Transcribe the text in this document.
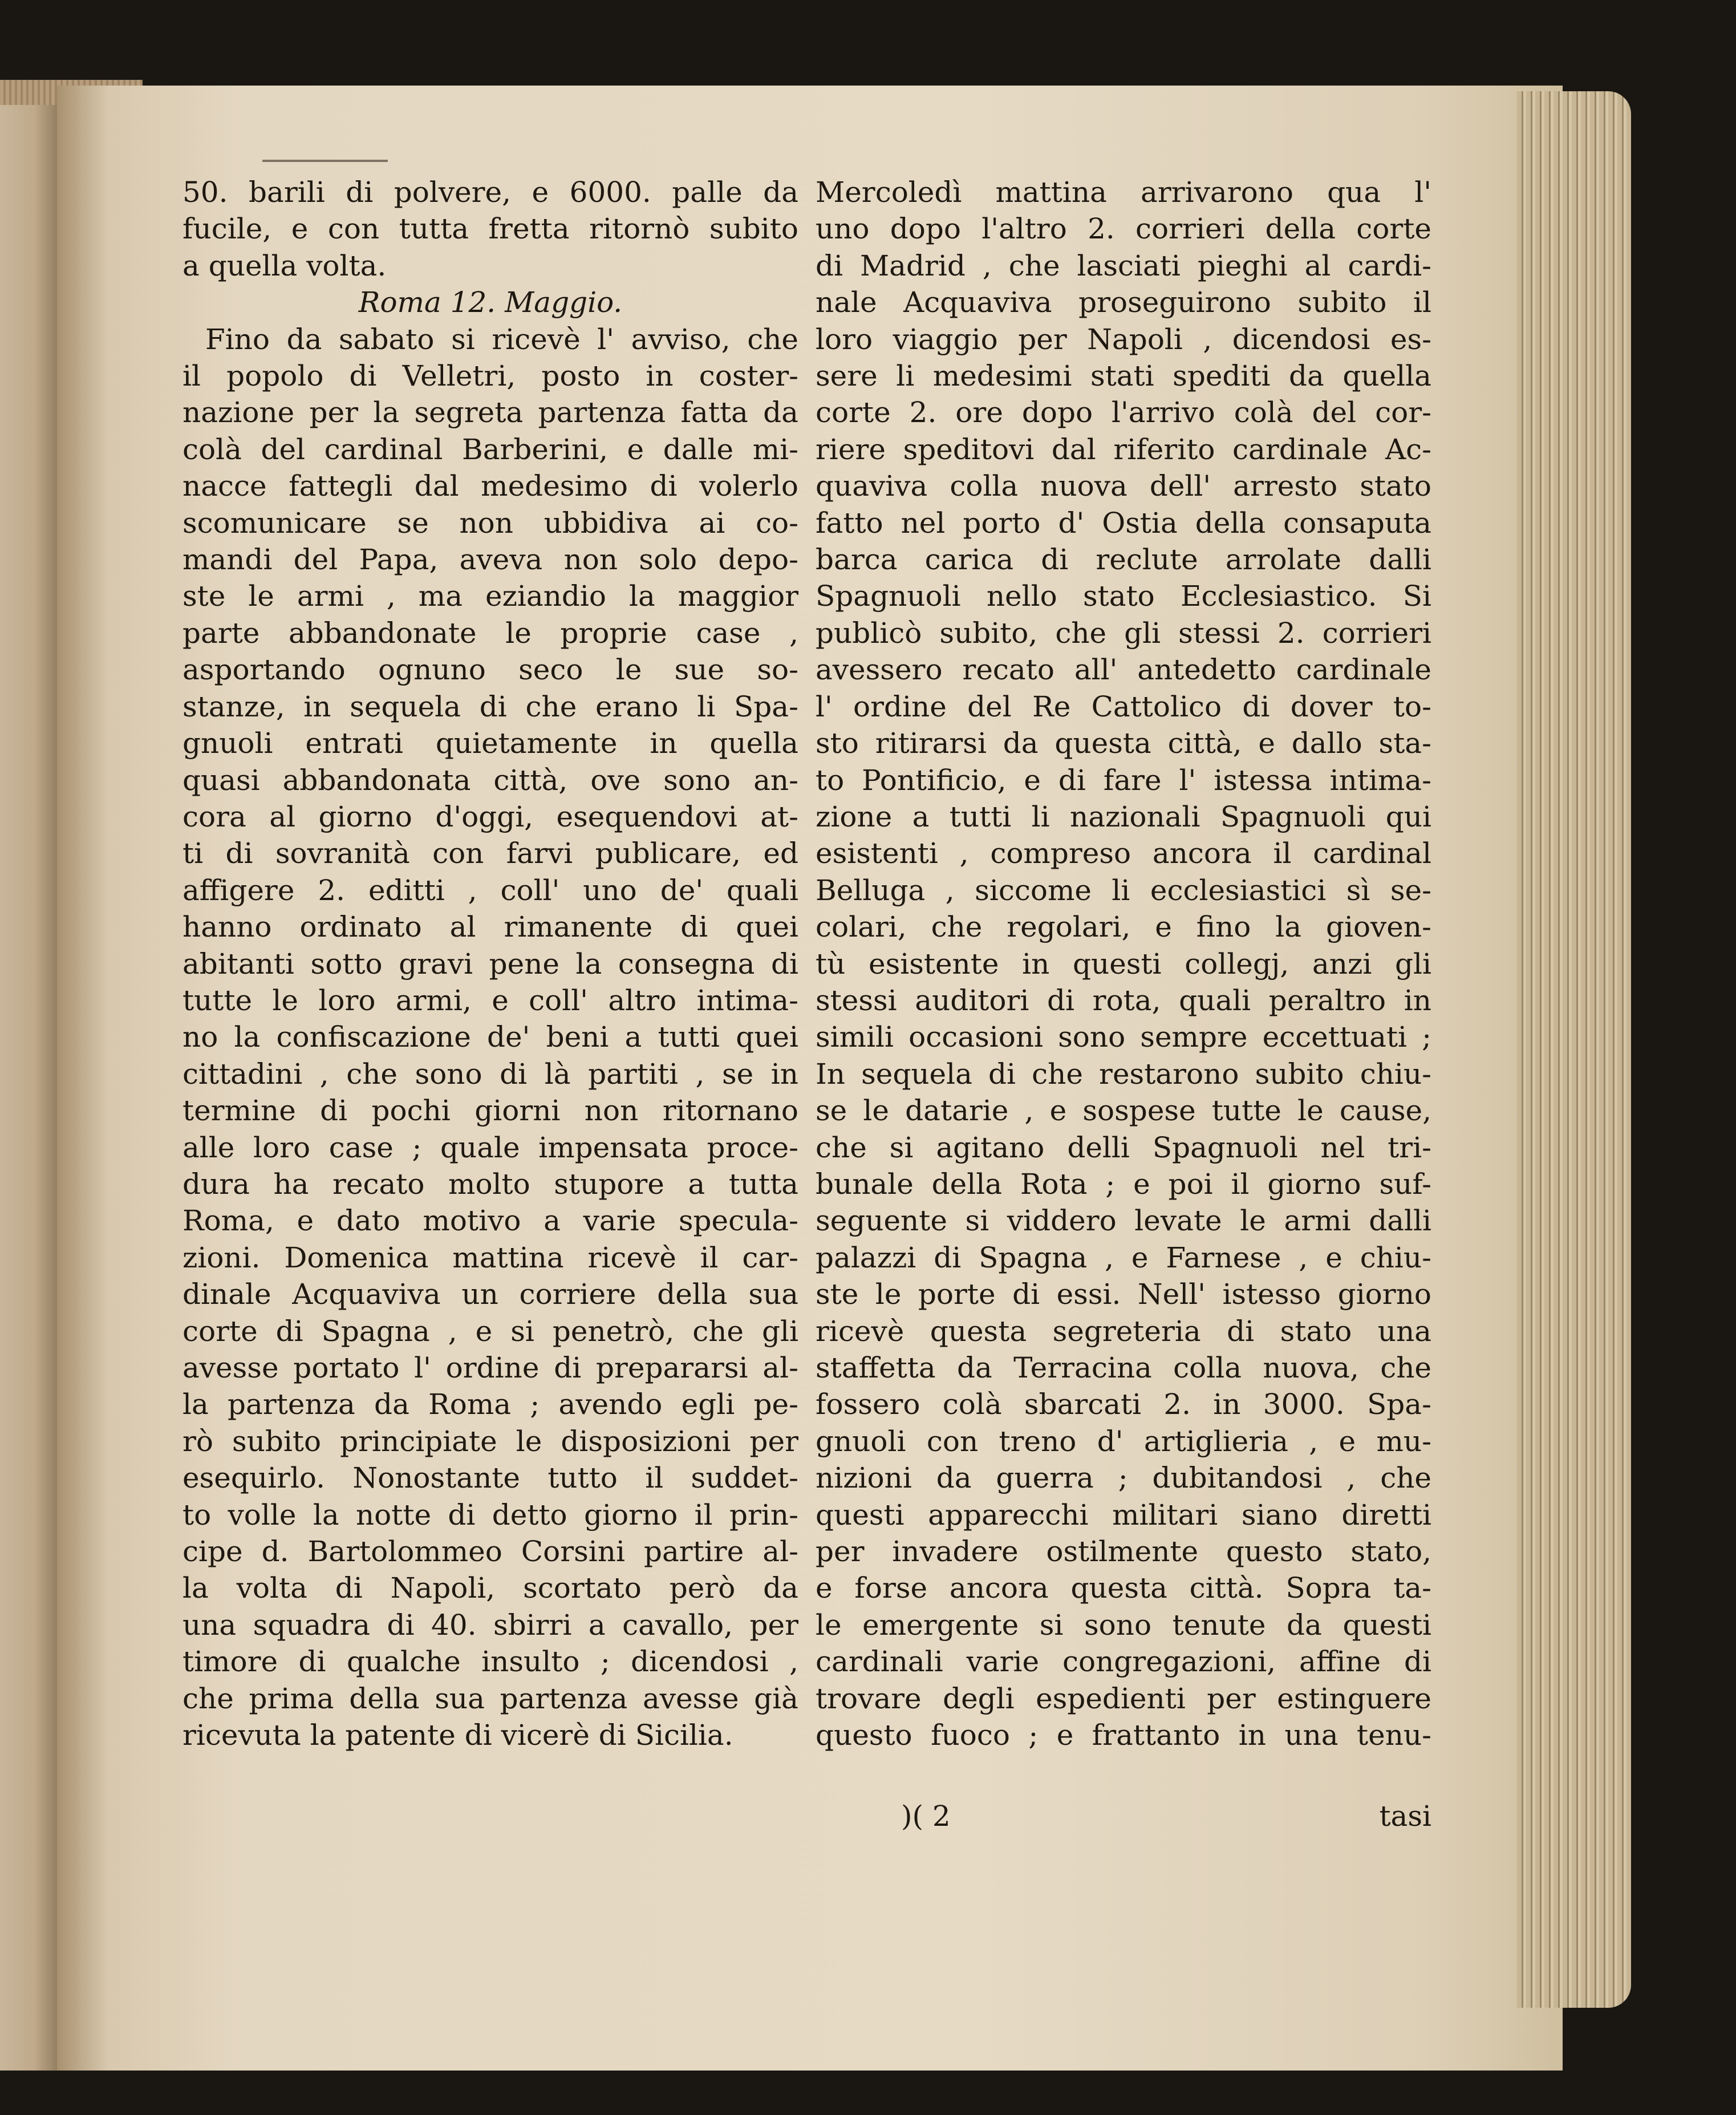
50. barili di polvere, e 6000. palle da
fucile, e con tutta fretta ritornò subito
a quella volta.
Roma 12. Maggio.
Fino da sabato si ricevè l' avviso, che
il popolo di Velletri, posto in coster-
nazione per la segreta partenza fatta da
colà del cardinal Barberini, e dalle mi-
nacce fattegli dal medesimo di volerlo
scomunicare se non ubbidiva ai co-
mandi del Papa, aveva non solo depo-
ste le armi , ma eziandio la maggior
parte abbandonate le proprie case ,
asportando ognuno seco le sue so-
stanze, in sequela di che erano li Spa-
gnuoli entrati quietamente in quella
quasi abbandonata città, ove sono an-
cora al giorno d'oggi, esequendovi at-
ti di sovranità con farvi publicare, ed
affigere 2. editti , coll' uno de' quali
hanno ordinato al rimanente di quei
abitanti sotto gravi pene la consegna di
tutte le loro armi, e coll' altro intima-
no la confiscazione de' beni a tutti quei
cittadini , che sono di là partiti , se in
termine di pochi giorni non ritornano
alle loro case ; quale impensata proce-
dura ha recato molto stupore a tutta
Roma, e dato motivo a varie specula-
zioni. Domenica mattina ricevè il car-
dinale Acquaviva un corriere della sua
corte di Spagna , e si penetrò, che gli
avesse portato l' ordine di prepararsi al-
la partenza da Roma ; avendo egli pe-
rò subito principiate le disposizioni per
esequirlo. Nonostante tutto il suddet-
to volle la notte di detto giorno il prin-
cipe d. Bartolommeo Corsini partire al-
la volta di Napoli, scortato però da
una squadra di 40. sbirri a cavallo, per
timore di qualche insulto ; dicendosi ,
che prima della sua partenza avesse già
ricevuta la patente di vicerè di Sicilia.
Mercoledì mattina arrivarono qua l'
uno dopo l'altro 2. corrieri della corte
di Madrid , che lasciati pieghi al cardi-
nale Acquaviva proseguirono subito il
loro viaggio per Napoli , dicendosi es-
sere li medesimi stati spediti da quella
corte 2. ore dopo l'arrivo colà del cor-
riere speditovi dal riferito cardinale Ac-
quaviva colla nuova dell' arresto stato
fatto nel porto d' Ostia della consaputa
barca carica di reclute arrolate dalli
Spagnuoli nello stato Ecclesiastico. Si
publicò subito, che gli stessi 2. corrieri
avessero recato all' antedetto cardinale
l' ordine del Re Cattolico di dover to-
sto ritirarsi da questa città, e dallo sta-
to Pontificio, e di fare l' istessa intima-
zione a tutti li nazionali Spagnuoli qui
esistenti , compreso ancora il cardinal
Belluga , siccome li ecclesiastici sì se-
colari, che regolari, e fino la gioven-
tù esistente in questi collegj, anzi gli
stessi auditori di rota, quali peraltro in
simili occasioni sono sempre eccettuati ;
In sequela di che restarono subito chiu-
se le datarie , e sospese tutte le cause,
che si agitano delli Spagnuoli nel tri-
bunale della Rota ; e poi il giorno suf-
seguente si viddero levate le armi dalli
palazzi di Spagna , e Farnese , e chiu-
ste le porte di essi. Nell' istesso giorno
ricevè questa segreteria di stato una
staffetta da Terracina colla nuova, che
fossero colà sbarcati 2. in 3000. Spa-
gnuoli con treno d' artiglieria , e mu-
nizioni da guerra ; dubitandosi , che
questi apparecchi militari siano diretti
per invadere ostilmente questo stato,
e forse ancora questa città. Sopra ta-
le emergente si sono tenute da questi
cardinali varie congregazioni, affine di
trovare degli espedienti per estinguere
questo fuoco ; e frattanto in una tenu-
)( 2	tasi
